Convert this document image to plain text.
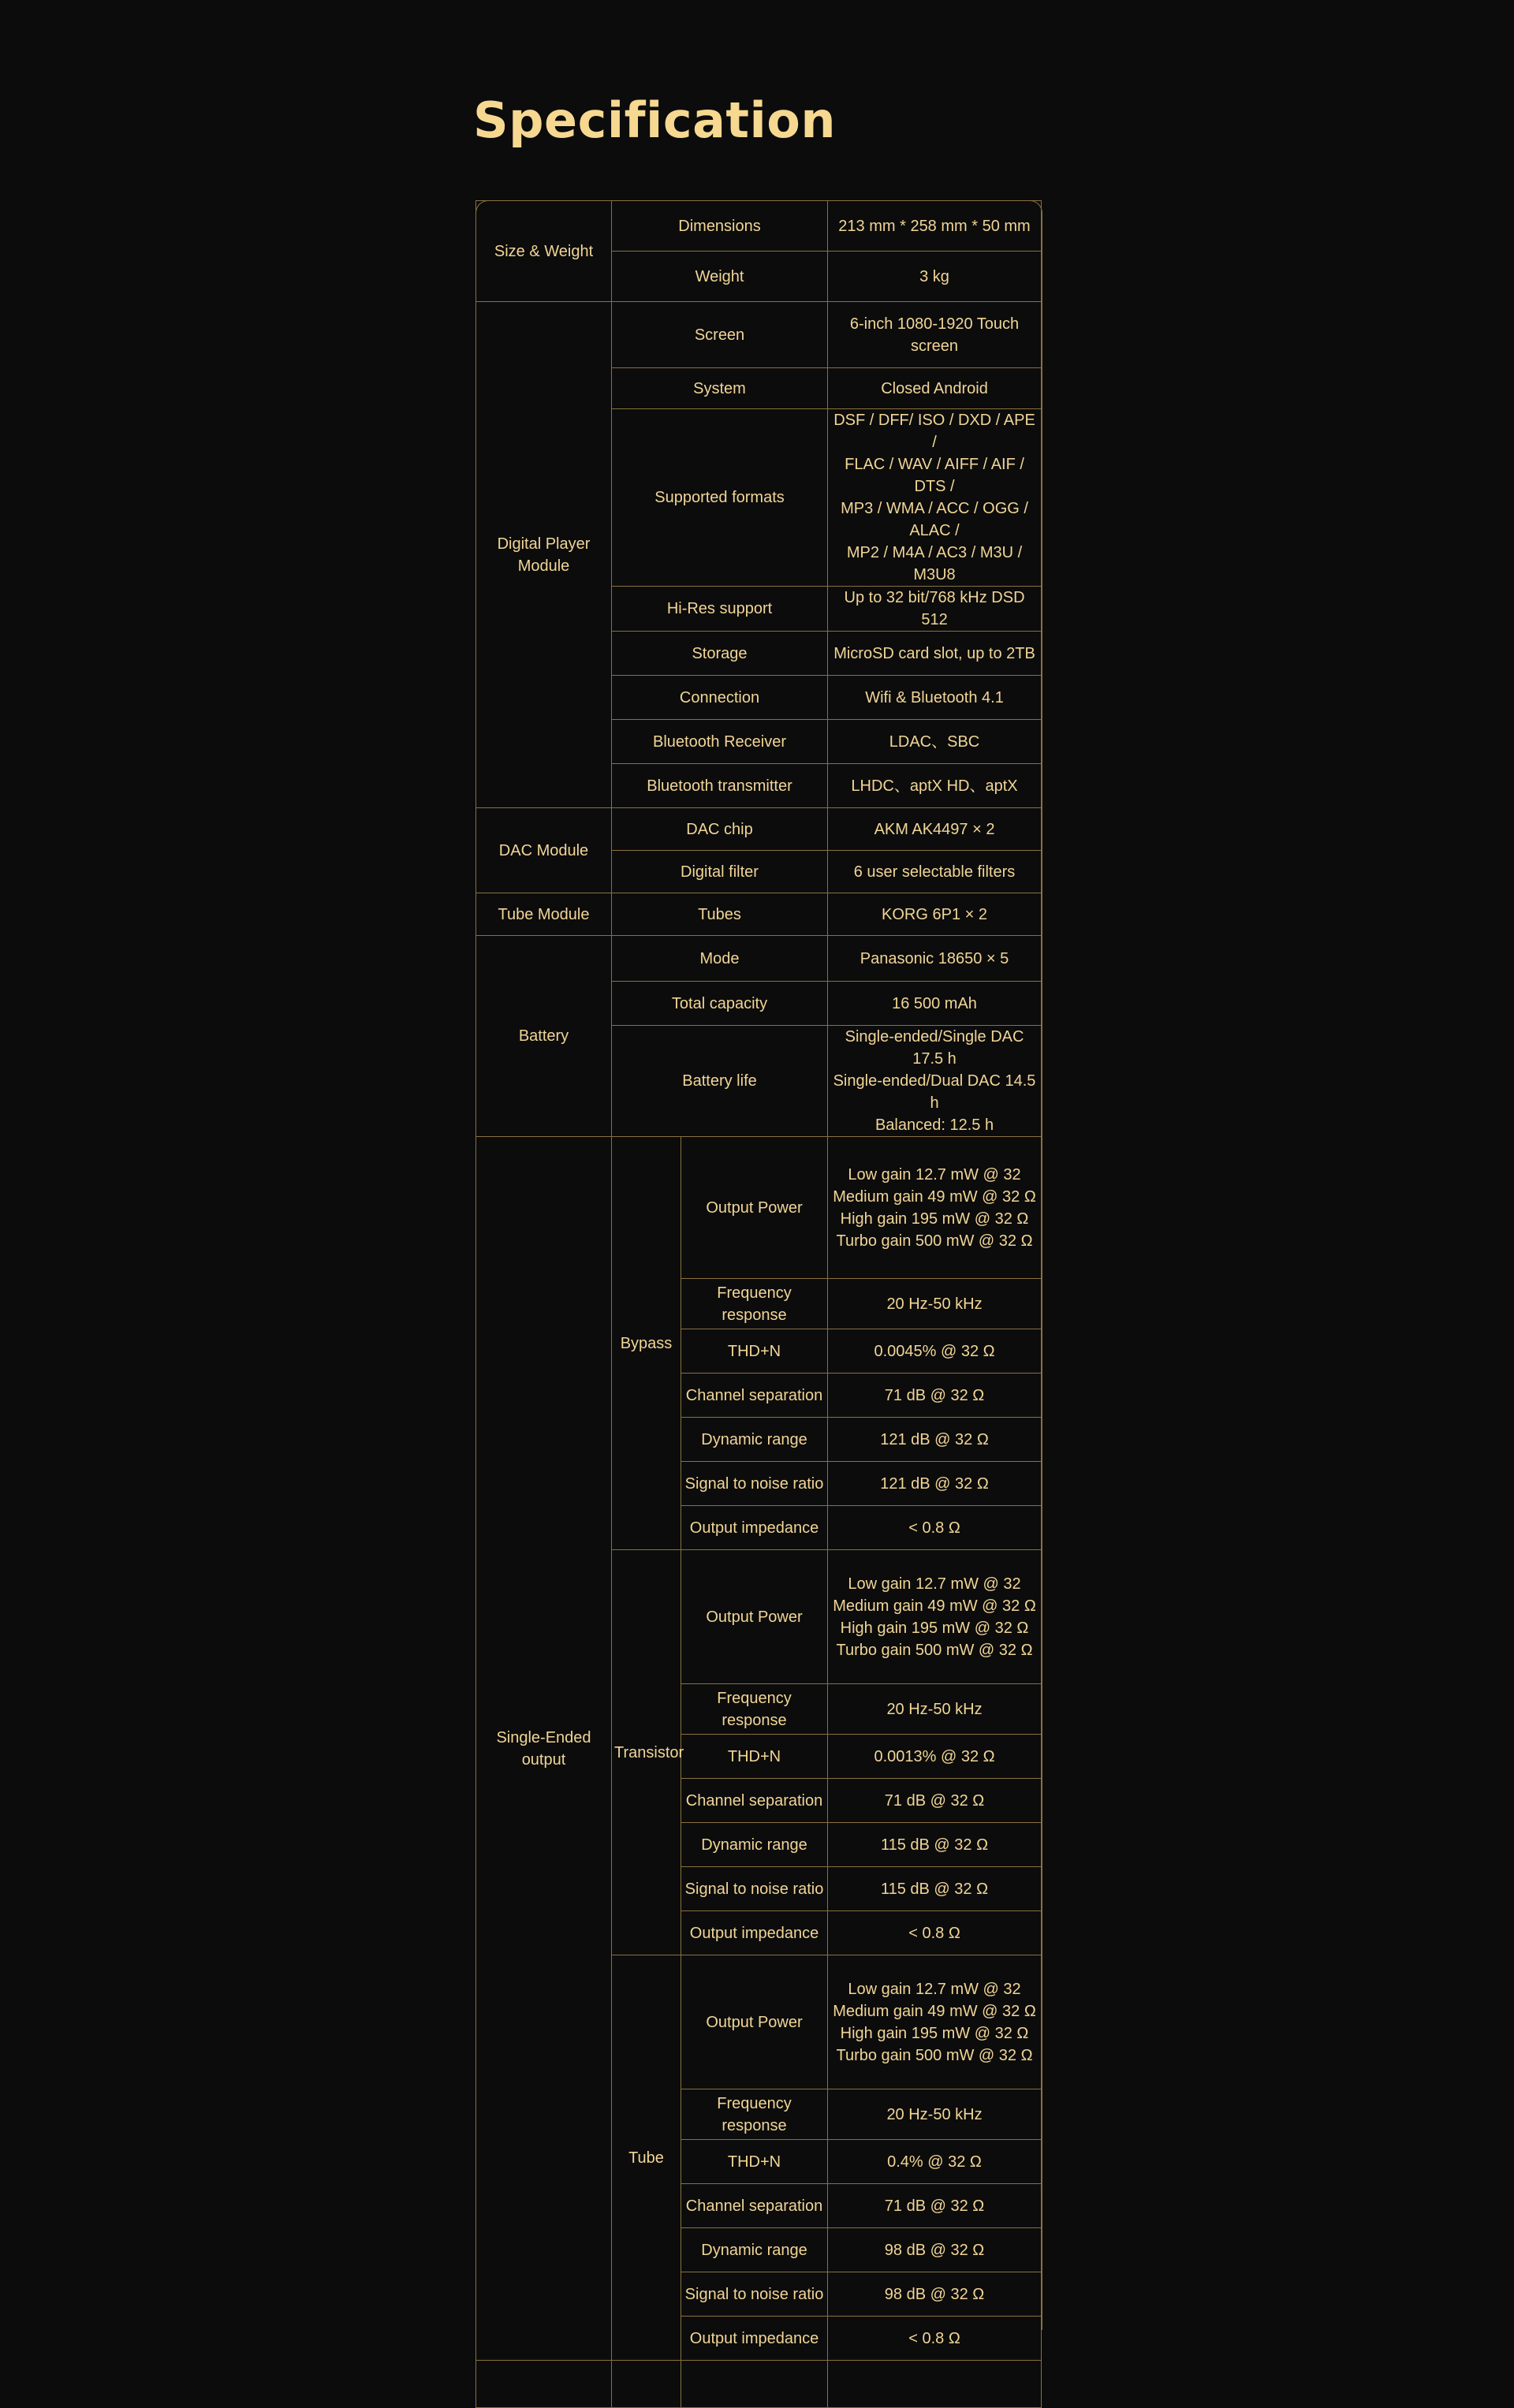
Specification
Size & Weight	Dimensions		213 mm * 258 mm * 50 mm
	Weight		3 kg
Digital Player
Module	Screen		6-inch 1080-1920 Touch
screen
	System		Closed Android
	Supported formats		DSF / DFF/ ISO / DXD / APE /
FLAC / WAV / AIFF / AIF / DTS /
MP3 / WMA / ACC / OGG / ALAC /
MP2 / M4A / AC3 / M3U /
M3U8
	Hi-Res support		Up to 32 bit/768 kHz DSD 512
	Storage		MicroSD card slot, up to 2TB
	Connection		Wifi & Bluetooth 4.1
	Bluetooth Receiver		LDAC、SBC
	Bluetooth transmitter		LHDC、aptX HD、aptX
DAC Module	DAC chip		AKM AK4497 × 2
	Digital filter		6 user selectable filters
Tube Module	Tubes		KORG 6P1 × 2
Battery	Mode		Panasonic 18650 × 5
	Total capacity		16 500 mAh
	Battery life		Single-ended/Single DAC 17.5 h
Single-ended/Dual DAC 14.5 h
Balanced: 12.5 h
Single-Ended
output	Bypass	Output Power	Low gain 12.7 mW @ 32
Medium gain 49 mW @ 32 Ω
High gain 195 mW @ 32 Ω
Turbo gain 500 mW @ 32 Ω
		Frequency response	20 Hz-50 kHz
		THD+N	0.0045% @ 32 Ω
		Channel separation	71 dB @ 32 Ω
		Dynamic range	121 dB @ 32 Ω
		Signal to noise ratio	121 dB @ 32 Ω
		Output impedance	< 0.8 Ω
	Transistor	Output Power	Low gain 12.7 mW @ 32
Medium gain 49 mW @ 32 Ω
High gain 195 mW @ 32 Ω
Turbo gain 500 mW @ 32 Ω
		Frequency response	20 Hz-50 kHz
		THD+N	0.0013% @ 32 Ω
		Channel separation	71 dB @ 32 Ω
		Dynamic range	115 dB @ 32 Ω
		Signal to noise ratio	115 dB @ 32 Ω
		Output impedance	< 0.8 Ω
	Tube	Output Power	Low gain 12.7 mW @ 32
Medium gain 49 mW @ 32 Ω
High gain 195 mW @ 32 Ω
Turbo gain 500 mW @ 32 Ω
		Frequency response	20 Hz-50 kHz
		THD+N	0.4% @ 32 Ω
		Channel separation	71 dB @ 32 Ω
		Dynamic range	98 dB @ 32 Ω
		Signal to noise ratio	98 dB @ 32 Ω
		Output impedance	< 0.8 Ω
